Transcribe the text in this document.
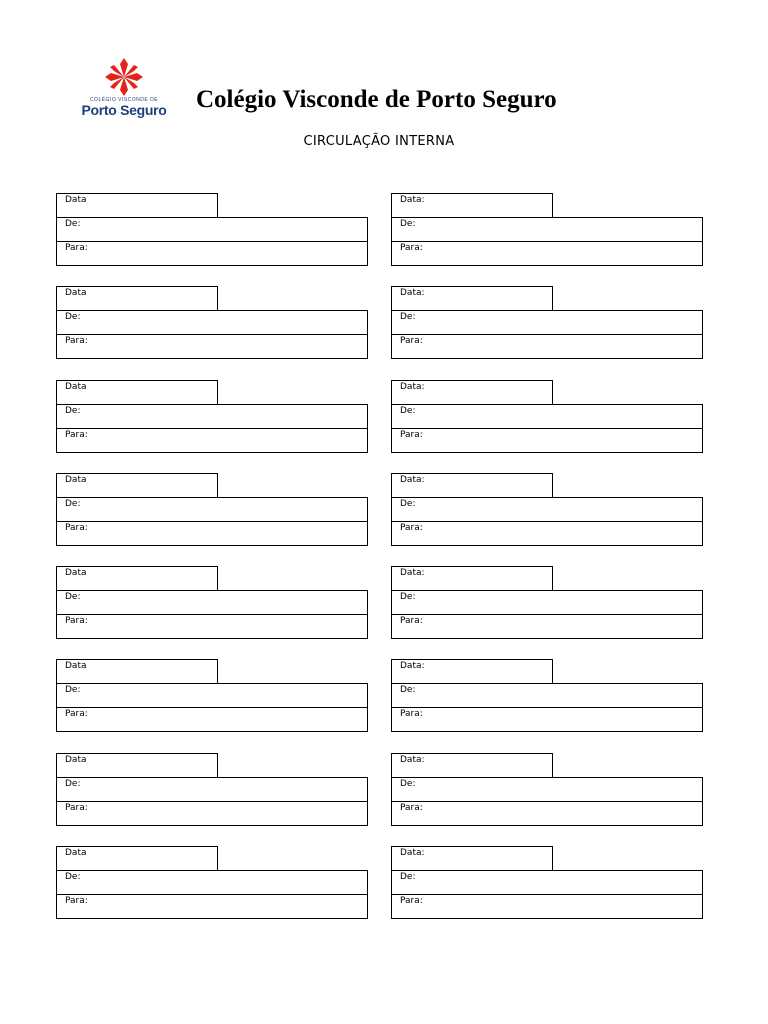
COLÉGIO VISCONDE DE
Porto Seguro Colégio Visconde de Porto Seguro
CIRCULAÇÃO INTERNA
Data
De:
Para:
Data:
De:
Para:
Data
De:
Para:
Data:
De:
Para:
Data
De:
Para:
Data:
De:
Para:
Data
De:
Para:
Data:
De:
Para:
Data
De:
Para:
Data:
De:
Para:
Data
De:
Para:
Data:
De:
Para:
Data
De:
Para:
Data:
De:
Para:
Data
De:
Para:
Data:
De:
Para:
